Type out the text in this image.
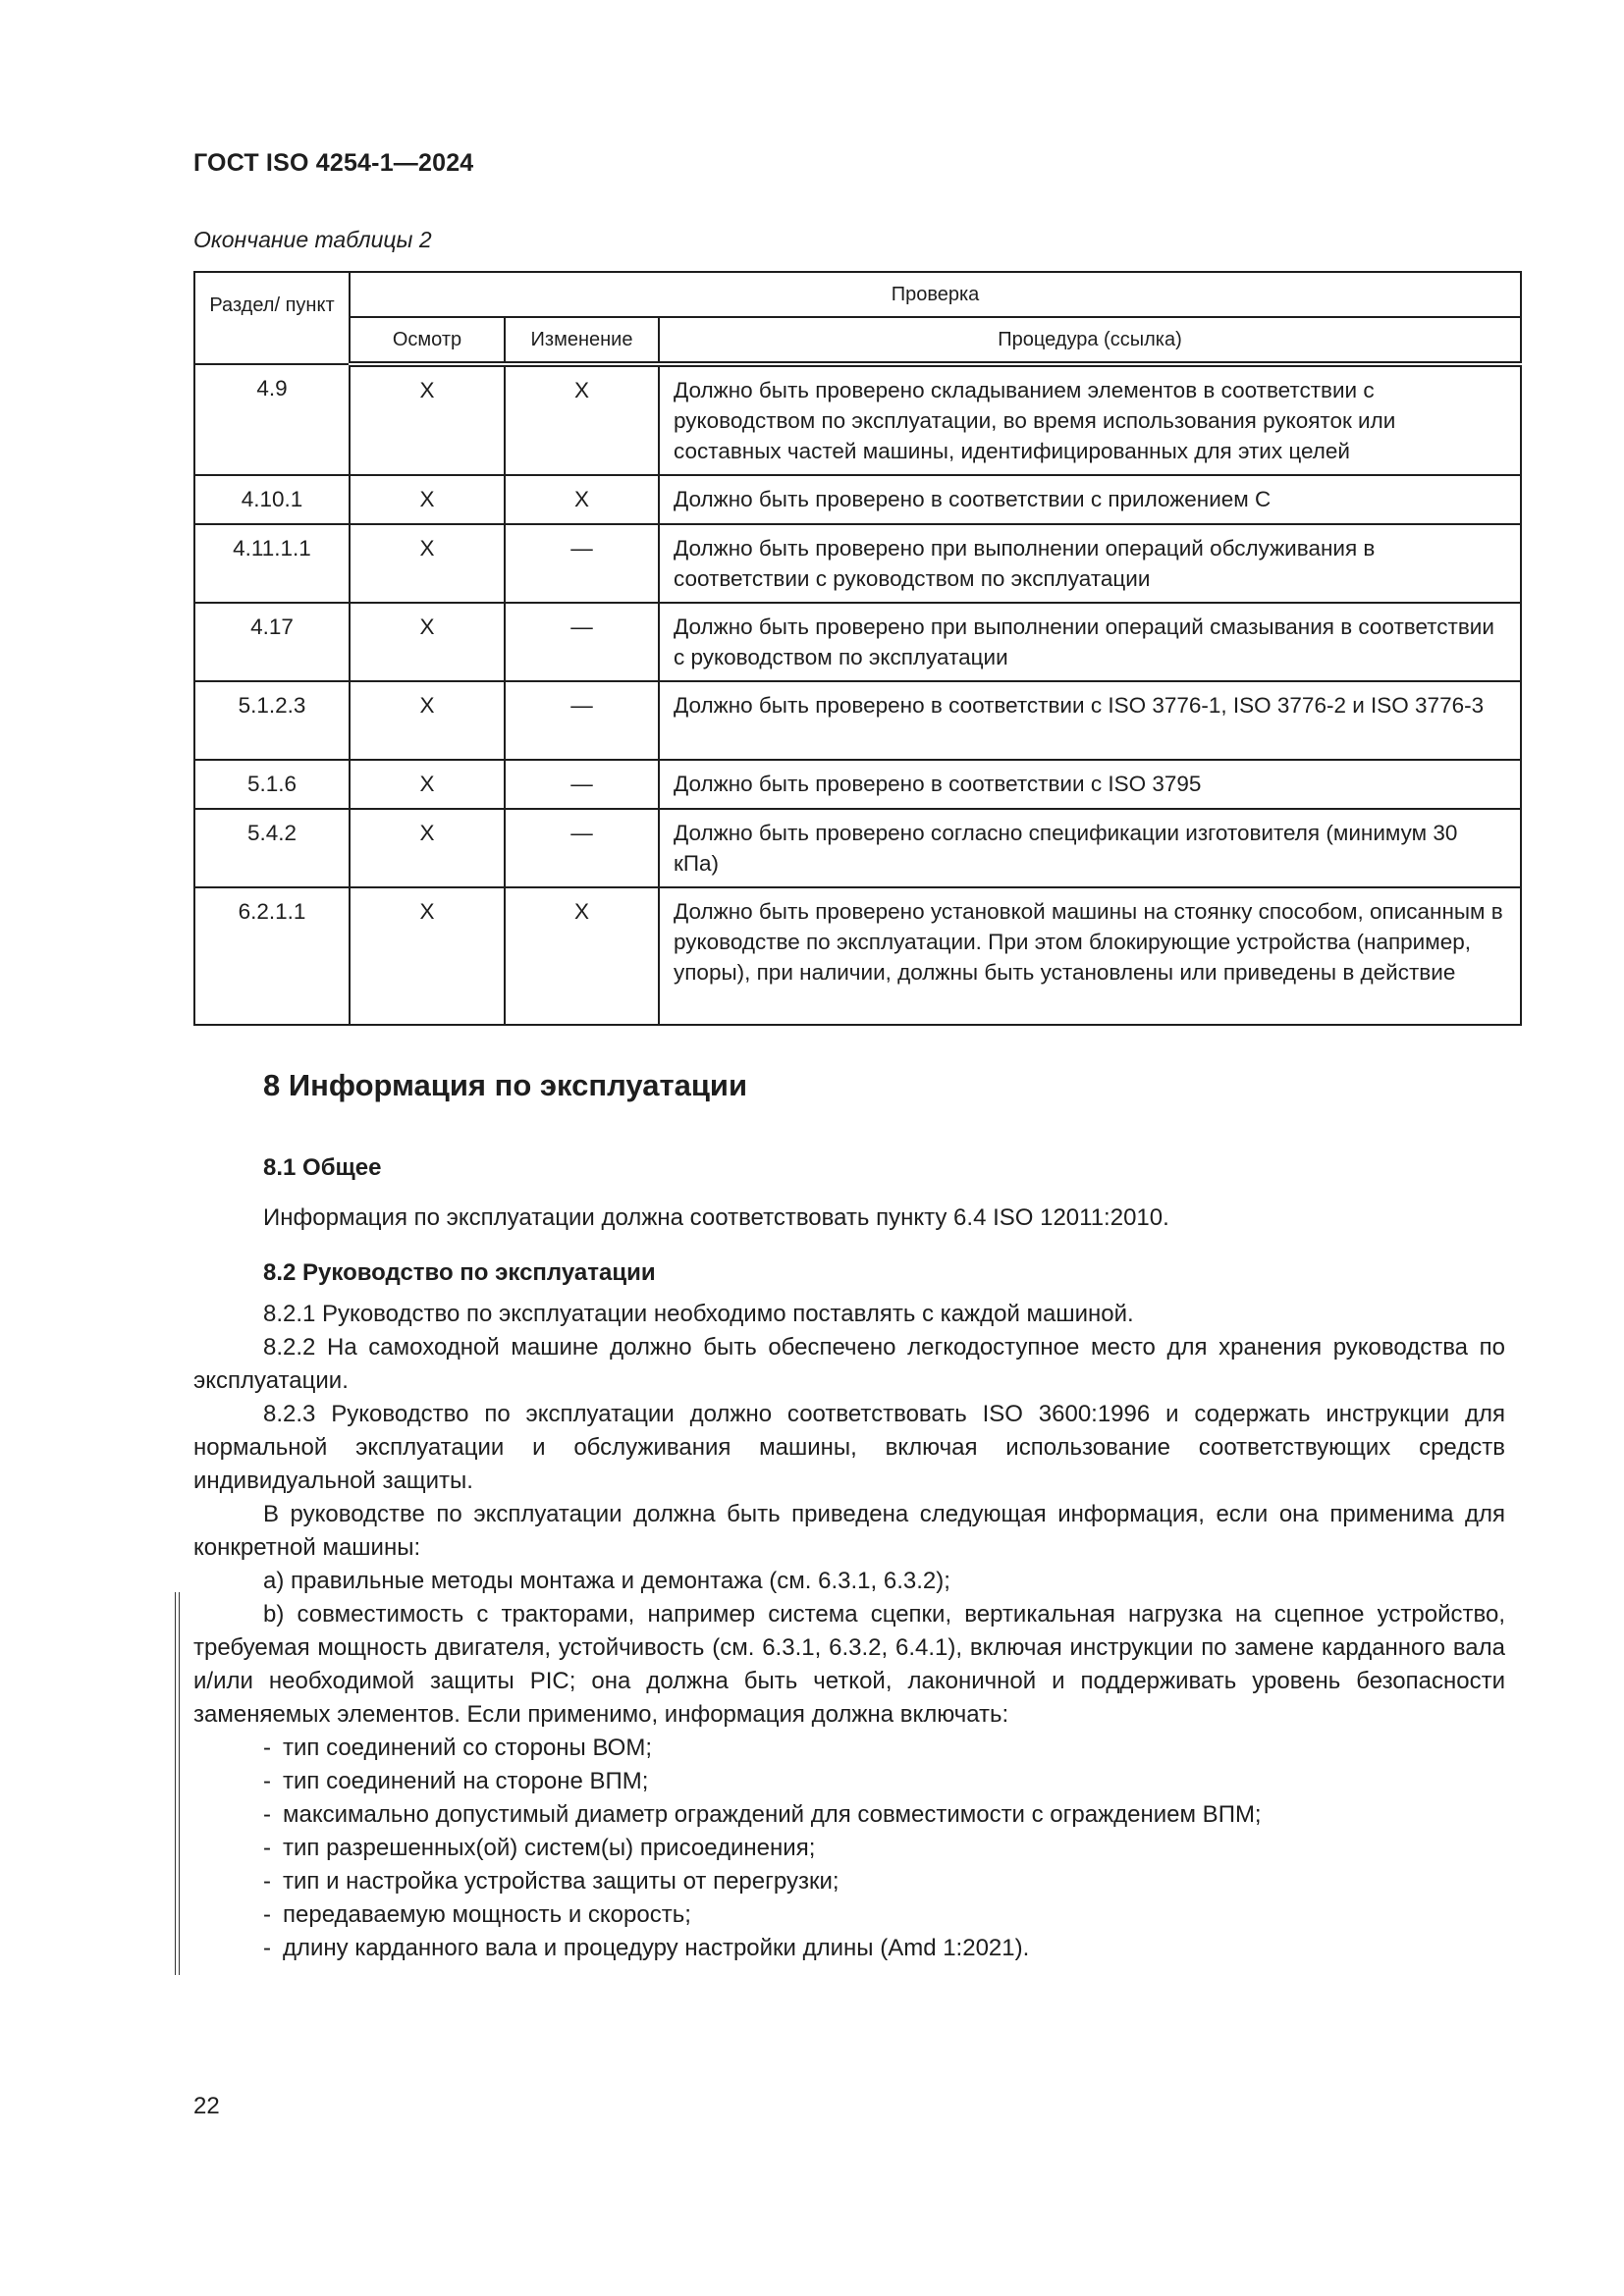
ГОСТ ISO 4254-1—2024
Окончание таблицы 2
Раздел/ пункт	Проверка		
	Осмотр	Изменение	Процедура (ссылка)
4.9	X	X	Должно быть проверено складыванием элементов в соответствии с руководством по эксплуатации, во время использования рукояток или составных частей машины, идентифицированных для этих целей
4.10.1	X	X	Должно быть проверено в соответствии с приложением С
4.11.1.1	X	—	Должно быть проверено при выполнении операций обслуживания в соответствии с руководством по эксплуатации
4.17	X	—	Должно быть проверено при выполнении операций смазывания в соответствии с руководством по эксплуатации
5.1.2.3	X	—	Должно быть проверено в соответствии с ISO 3776-1, ISO 3776-2 и ISO 3776-3
5.1.6	X	—	Должно быть проверено в соответствии с ISO 3795
5.4.2	X	—	Должно быть проверено согласно спецификации изготовителя (минимум 30 кПа)
6.2.1.1	X	X	Должно быть проверено установкой машины на стоянку способом, описанным в руководстве по эксплуатации. При этом блокирующие устройства (например, упоры), при наличии, должны быть установлены или приведены в действие
8 Информация по эксплуатации
8.1 Общее
Информация по эксплуатации должна соответствовать пункту 6.4 ISO 12011:2010.
8.2 Руководство по эксплуатации

8.2.1 Руководство по эксплуатации необходимо поставлять с каждой машиной.

8.2.2 На самоходной машине должно быть обеспечено легкодоступное место для хранения руководства по эксплуатации.

8.2.3 Руководство по эксплуатации должно соответствовать ISO 3600:1996 и содержать инструкции для нормальной эксплуатации и обслуживания машины, включая использование соответствующих средств индивидуальной защиты.

В руководстве по эксплуатации должна быть приведена следующая информация, если она применима для конкретной машины:

a) правильные методы монтажа и демонтажа (см. 6.3.1, 6.3.2);

b) совместимость с тракторами, например система сцепки, вертикальная нагрузка на сцепное устройство, требуемая мощность двигателя, устойчивость (см. 6.3.1, 6.3.2, 6.4.1), включая инструкции по замене карданного вала и/или необходимой защиты PIC; она должна быть четкой, лаконичной и поддерживать уровень безопасности заменяемых элементов. Если применимо, информация должна включать:

- тип соединений со стороны ВОМ;
- тип соединений на стороне ВПМ;
- максимально допустимый диаметр ограждений для совместимости с ограждением ВПМ;
- тип разрешенных(ой) систем(ы) присоединения;
- тип и настройка устройства защиты от перегрузки;
- передаваемую мощность и скорость;
- длину карданного вала и процедуру настройки длины (Amd 1:2021).
22
